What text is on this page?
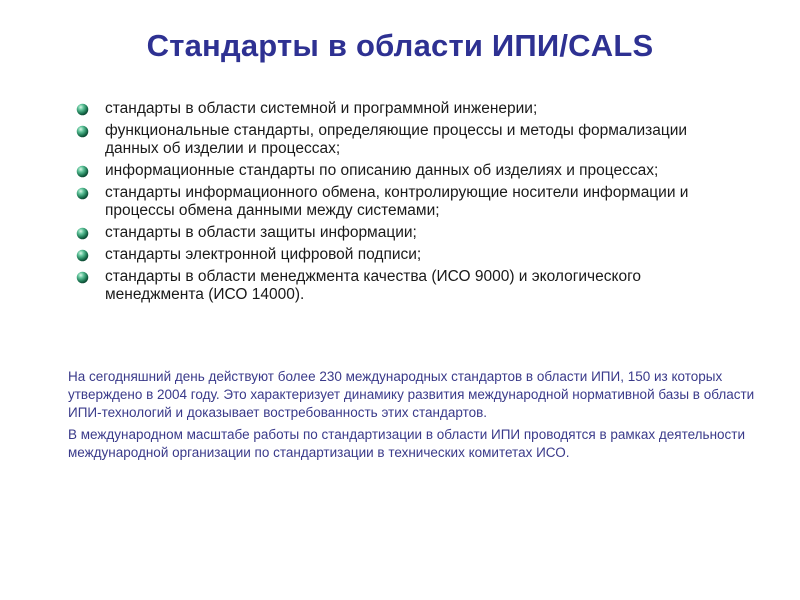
Стандарты в области ИПИ/CALS
стандарты в области системной и программной инженерии;
функциональные стандарты, определяющие процессы и методы формализации данных об изделии и процессах;
информационные стандарты по описанию данных об изделиях и процессах;
стандарты информационного обмена, контролирующие носители информации и процессы обмена данными между системами;
стандарты в области защиты информации;
стандарты электронной цифровой подписи;
стандарты в области менеджмента качества (ИСО 9000) и экологического менеджмента (ИСО 14000).

На сегодняшний день действуют более 230 международных стандартов в области ИПИ, 150 из которых утверждено в 2004 году. Это характеризует динамику развития международной нормативной базы в области ИПИ-технологий и доказывает востребованность этих стандартов.

В международном масштабе работы по стандартизации в области ИПИ проводятся в рамках деятельности международной организации по стандартизации в технических комитетах ИСО.
